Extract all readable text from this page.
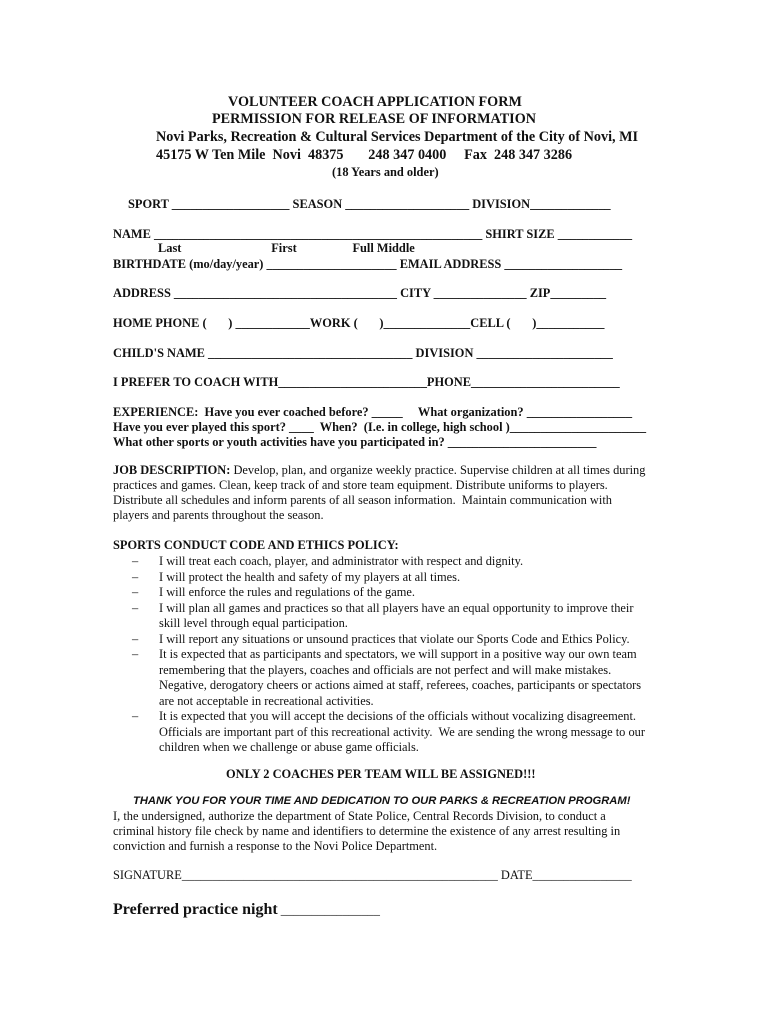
VOLUNTEER COACH APPLICATION FORM
PERMISSION FOR RELEASE OF INFORMATION
Novi Parks, Recreation & Cultural Services Department of the City of Novi, MI
45175 W Ten Mile  Novi  48375       248 347 0400     Fax  248 347 3286
(18 Years and older)
SPORT ___________________ SEASON ____________________ DIVISION_____________
NAME _____________________________________________________ SHIRT SIZE ____________
Last                             First                  Full Middle
BIRTHDATE (mo/day/year) _____________________ EMAIL ADDRESS ___________________
ADDRESS ____________________________________ CITY _______________ ZIP_________
HOME PHONE (       ) ____________WORK (       )______________CELL (       )___________
CHILD'S NAME _________________________________ DIVISION ______________________
I PREFER TO COACH WITH________________________PHONE________________________
EXPERIENCE:  Have you ever coached before? _____     What organization? _________________
Have you ever played this sport? ____  When?  (I.e. in college, high school )______________________
What other sports or youth activities have you participated in? ________________________
JOB DESCRIPTION: Develop, plan, and organize weekly practice. Supervise children at all times during
practices and games. Clean, keep track of and store team equipment. Distribute uniforms to players.
Distribute all schedules and inform parents of all season information.  Maintain communication with
players and parents throughout the season.
SPORTS CONDUCT CODE AND ETHICS POLICY:
– I will treat each coach, player, and administrator with respect and dignity.
– I will protect the health and safety of my players at all times.
– I will enforce the rules and regulations of the game.
– I will plan all games and practices so that all players have an equal opportunity to improve their
skill level through equal participation.
– I will report any situations or unsound practices that violate our Sports Code and Ethics Policy.
– It is expected that as participants and spectators, we will support in a positive way our own team
remembering that the players, coaches and officials are not perfect and will make mistakes.
Negative, derogatory cheers or actions aimed at staff, referees, coaches, participants or spectators
are not acceptable in recreational activities.
– It is expected that you will accept the decisions of the officials without vocalizing disagreement.
Officials are important part of this recreational activity.  We are sending the wrong message to our
children when we challenge or abuse game officials.
ONLY 2 COACHES PER TEAM WILL BE ASSIGNED!!!
THANK YOU FOR YOUR TIME AND DEDICATION TO OUR PARKS & RECREATION PROGRAM!
I, the undersigned, authorize the department of State Police, Central Records Division, to conduct a
criminal history file check by name and identifiers to determine the existence of any arrest resulting in
conviction and furnish a response to the Novi Police Department.
SIGNATURE___________________________________________________ DATE________________
Preferred practice night ________________
